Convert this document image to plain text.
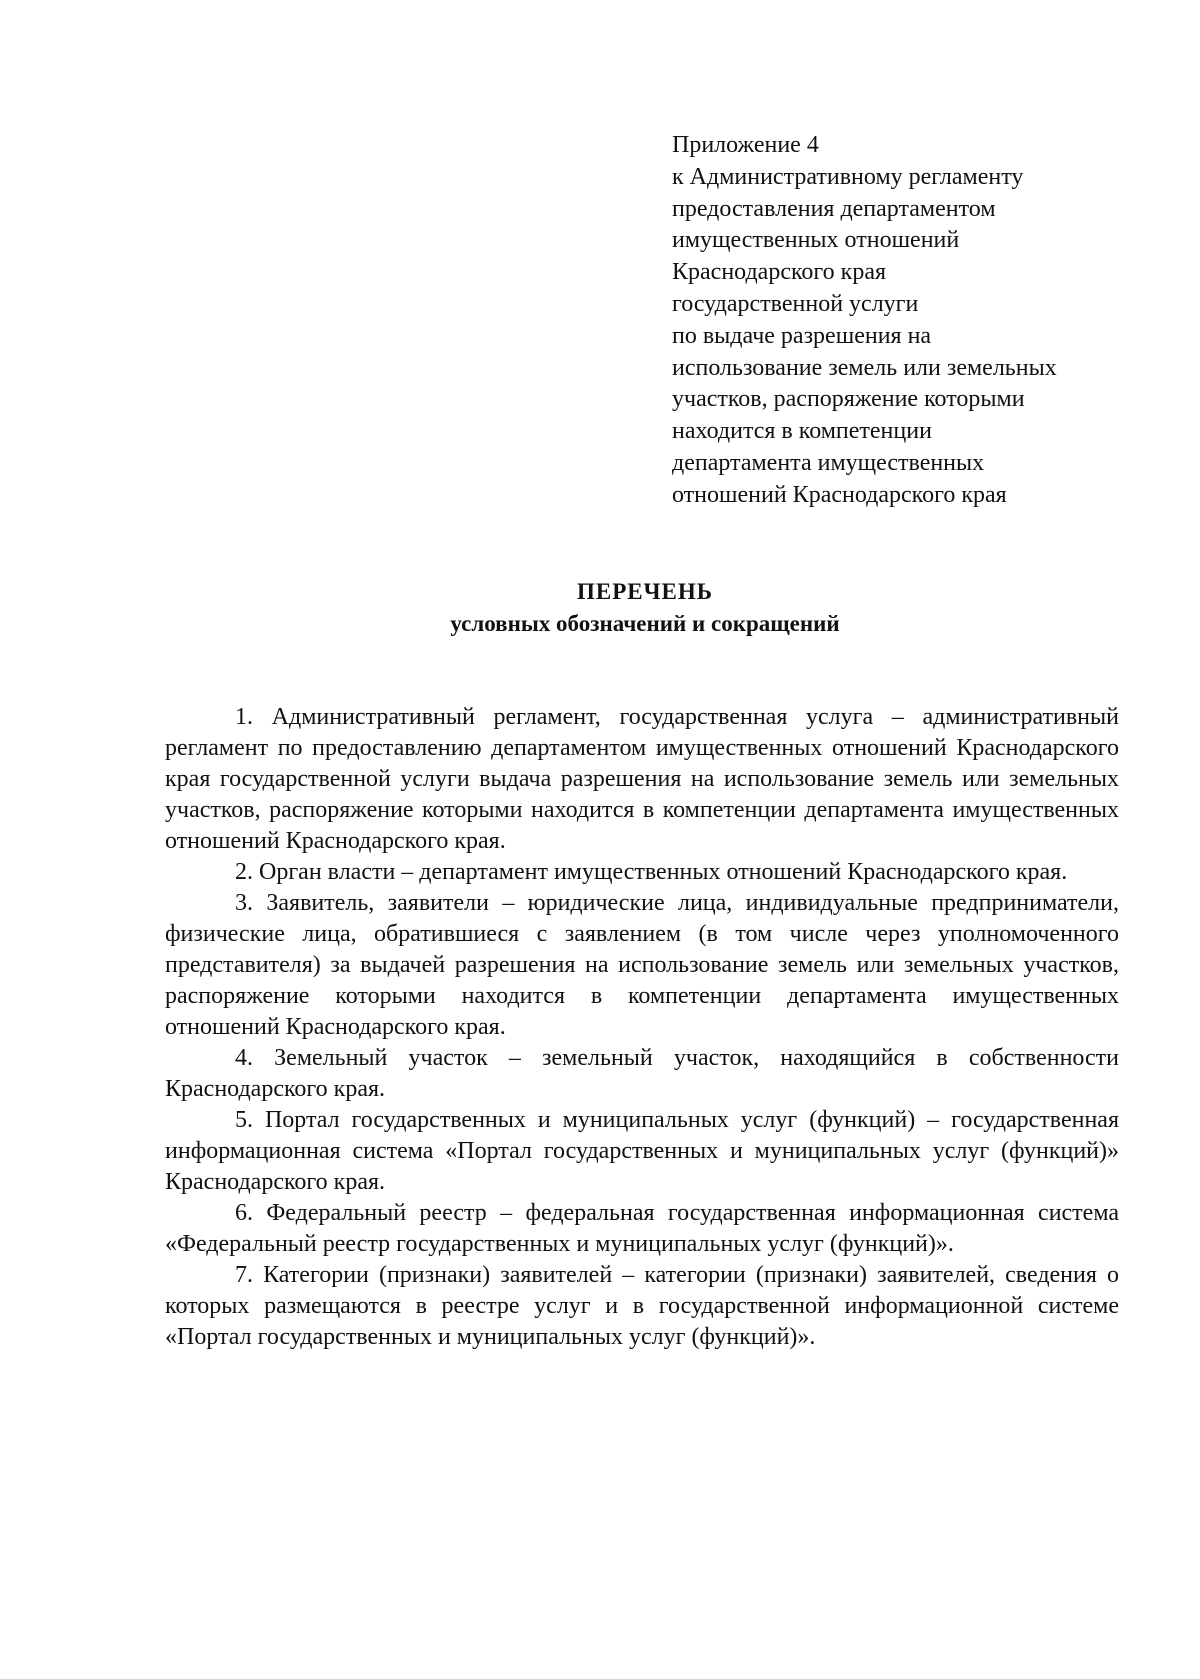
Приложение 4
к Административному регламенту
предоставления департаментом
имущественных отношений
Краснодарского края
государственной услуги
по выдаче разрешения на
использование земель или земельных
участков, распоряжение которыми
находится в компетенции
департамента имущественных
отношений Краснодарского края
ПЕРЕЧЕНЬ
условных обозначений и сокращений

1. Административный регламент, государственная услуга – административный регламент по предоставлению департаментом имущественных отношений Краснодарского края государственной услуги выдача разрешения на использование земель или земельных участков, распоряжение которыми находится в компетенции департамента имущественных отношений Краснодарского края.

2. Орган власти – департамент имущественных отношений Краснодарского края.

3. Заявитель, заявители – юридические лица, индивидуальные предприниматели, физические лица, обратившиеся с заявлением (в том числе через уполномоченного представителя) за выдачей разрешения на использование земель или земельных участков, распоряжение которыми находится в компетенции департамента имущественных отношений Краснодарского края.

4. Земельный участок – земельный участок, находящийся в собственности Краснодарского края.

5. Портал государственных и муниципальных услуг (функций) – государственная информационная система «Портал государственных и муниципальных услуг (функций)» Краснодарского края.

6. Федеральный реестр – федеральная государственная информационная система «Федеральный реестр государственных и муниципальных услуг (функций)».

7. Категории (признаки) заявителей – категории (признаки) заявителей, сведения о которых размещаются в реестре услуг и в государственной информационной системе «Портал государственных и муниципальных услуг (функций)».
